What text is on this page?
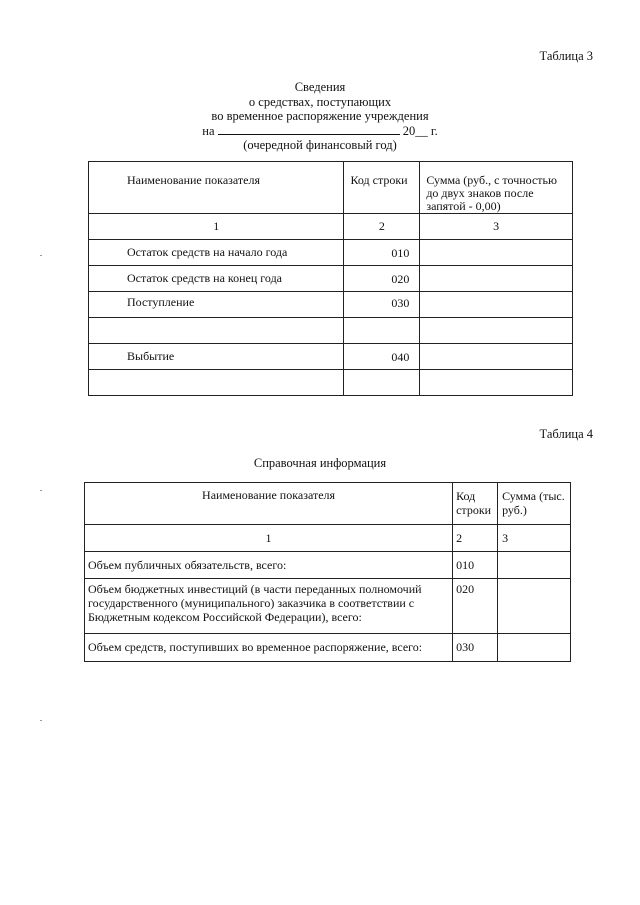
Таблица 3
Сведения
о средствах, поступающих
во временное распоряжение учреждения
на	20__ г.
(очередной финансовый год)
Наименование показателя	Код строки	Сумма (руб., с точностью до двух знаков после запятой - 0,00)

1	2	3

Остаток средств на начало года	010	

Остаток средств на конец года	020	

Поступление	030	

Выбытие	040	

Таблица 4
Справочная информация
Наименование показателя	Код строки	Сумма (тыс. руб.)

1	2	3

Объем публичных обязательств, всего:	010	

Объем бюджетных инвестиций (в части переданных полномочий государственного (муниципального) заказчика в соответствии с Бюджетным кодексом Российской Федерации), всего:	020	

Объем средств, поступивших во временное распоряжение, всего:	030	
